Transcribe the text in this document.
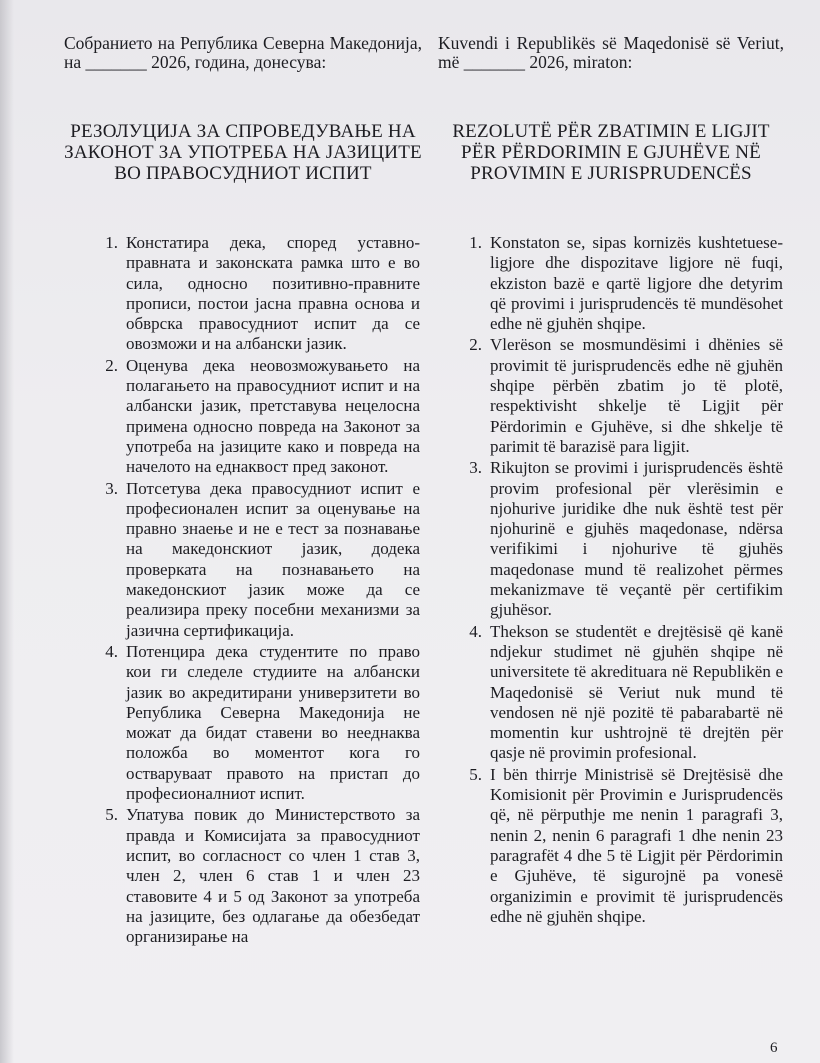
Собранието на Република Северна Македонија, на _______ 2026, година, донесува:
Kuvendi i Republikës së Maqedonisë së Veriut, më _______ 2026, miraton:
РЕЗОЛУЦИЈА ЗА СПРОВЕДУВАЊЕ НА ЗАКОНОТ ЗА УПОТРЕБА НА ЈАЗИЦИТЕ ВО ПРАВОСУДНИОТ ИСПИТ
REZOLUTË PËR ZBATIMIN E LIGJIT PËR PËRDORIMIN E GJUHËVE NË PROVIMIN E JURISPRUDENCËS
1. Констатира дека, според уставно-правната и законската рамка што е во сила, односно позитивно-правните прописи, постои јасна правна основа и обврска правосудниот испит да се овозможи и на албански јазик.
2. Оценува дека неовозможувањето на полагањето на правосудниот испит и на албански јазик, претставува нецелосна примена односно повреда на Законот за употреба на јазиците како и повреда на начелото на еднаквост пред законот.
3. Потсетува дека правосудниот испит е професионален испит за оценување на правно знаење и не е тест за познавање на македонскиот јазик, додека проверката на познавањето на македонскиот јазик може да се реализира преку посебни механизми за јазична сертификација.
4. Потенцира дека студентите по право кои ги следеле студиите на албански јазик во акредитирани универзитети во Република Северна Македонија не можат да бидат ставени во нееднаква положба во моментот кога го остваруваат правото на пристап до професионалниот испит.
5. Упатува повик до Министерството за правда и Комисијата за правосудниот испит, во согласност со член 1 став 3, член 2, член 6 став 1 и член 23 ставовите 4 и 5 од Законот за употреба на јазиците, без одлагање да обезбедат организирање на
1. Konstaton se, sipas kornizës kushtetuese-ligjore dhe dispozitave ligjore në fuqi, ekziston bazë e qartë ligjore dhe detyrim që provimi i jurisprudencës të mundësohet edhe në gjuhën shqipe.
2. Vlerëson se mosmundësimi i dhënies së provimit të jurisprudencës edhe në gjuhën shqipe përbën zbatim jo të plotë, respektivisht shkelje të Ligjit për Përdorimin e Gjuhëve, si dhe shkelje të parimit të barazisë para ligjit.
3. Rikujton se provimi i jurisprudencës është provim profesional për vlerësimin e njohurive juridike dhe nuk është test për njohurinë e gjuhës maqedonase, ndërsa verifikimi i njohurive të gjuhës maqedonase mund të realizohet përmes mekanizmave të veçantë për certifikim gjuhësor.
4. Thekson se studentët e drejtësisë që kanë ndjekur studimet në gjuhën shqipe në universitete të akredituara në Republikën e Maqedonisë së Veriut nuk mund të vendosen në një pozitë të pabarabartë në momentin kur ushtrojnë të drejtën për qasje në provimin profesional.
5. I bën thirrje Ministrisë së Drejtësisë dhe Komisionit për Provimin e Jurisprudencës që, në përputhje me nenin 1 paragrafi 3, nenin 2, nenin 6 paragrafi 1 dhe nenin 23 paragrafët 4 dhe 5 të Ligjit për Përdorimin e Gjuhëve, të sigurojnë pa vonesë organizimin e provimit të jurisprudencës edhe në gjuhën shqipe.
6
